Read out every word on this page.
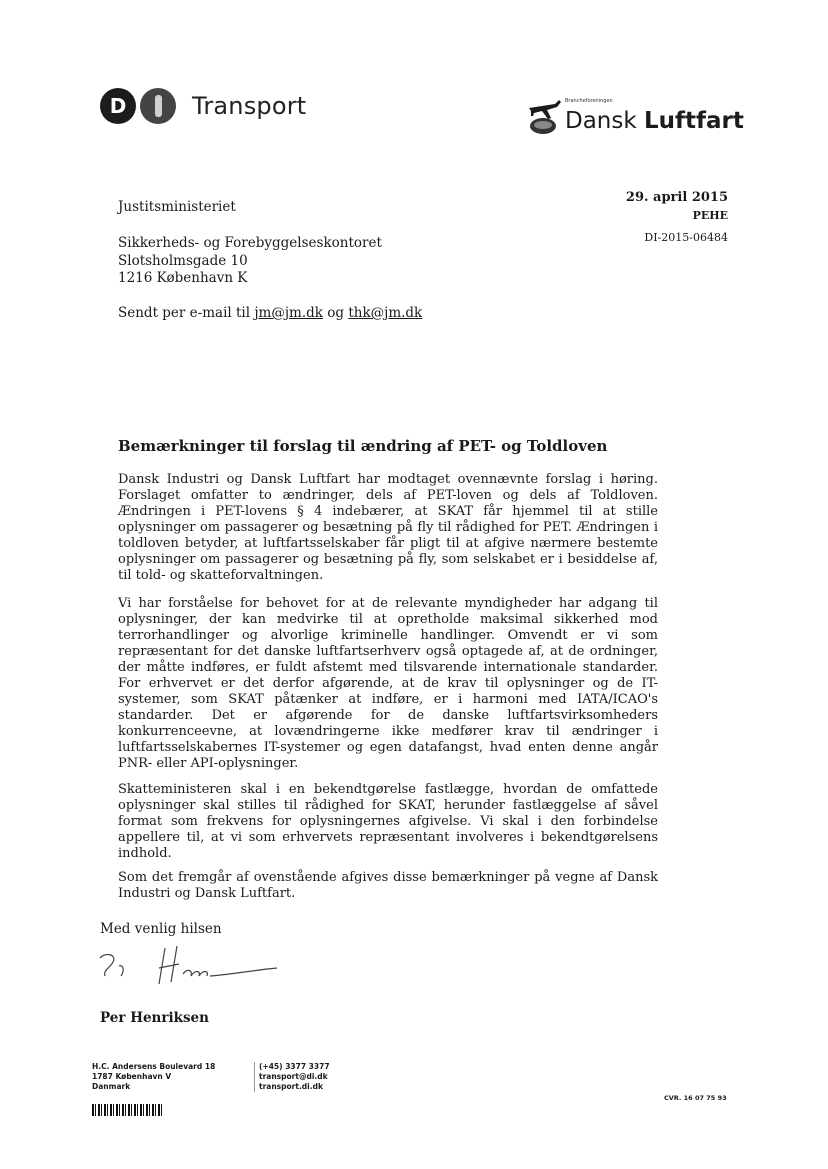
D	Transport	Brancheforeningen
Dansk Luftfart
Justitsministeriet
Sikkerheds- og Forebyggelseskontoret
Slotsholmsgade 10
1216 København K
29. april 2015
PEHE
DI-2015-06484
Sendt per e-mail til jm@jm.dk og thk@jm.dk
Bemærkninger til forslag til ændring af PET- og Toldloven

Dansk Industri og Dansk Luftfart har modtaget ovennævnte forslag i høring. Forslaget omfatter to ændringer, dels af PET-loven og dels af Toldloven. Ændringen i PET-lovens § 4 indebærer, at SKAT får hjemmel til at stille oplysninger om passagerer og besætning på fly til rådighed for PET. Ændringen i toldloven betyder, at luftfartsselskaber får pligt til at afgive nærmere bestemte oplysninger om passagerer og besætning på fly, som selskabet er i besiddelse af, til told- og skatteforvaltningen.

Vi har forståelse for behovet for at de relevante myndigheder har adgang til oplysninger, der kan medvirke til at opretholde maksimal sikkerhed mod terrorhandlinger og alvorlige kriminelle handlinger. Omvendt er vi som repræsentant for det danske luftfartserhverv også optagede af, at de ordninger, der måtte indføres, er fuldt afstemt med tilsvarende internationale standarder. For erhvervet er det derfor afgørende, at de krav til oplysninger og de IT-systemer, som SKAT påtænker at indføre, er i harmoni med IATA/ICAO's standarder. Det er afgørende for de danske luftfartsvirksomheders konkurrenceevne, at lovændringerne ikke medfører krav til ændringer i luftfartsselskabernes IT-systemer og egen datafangst, hvad enten denne angår PNR- eller API-oplysninger.

Skatteministeren skal i en bekendtgørelse fastlægge, hvordan de omfattede oplysninger skal stilles til rådighed for SKAT, herunder fastlæggelse af såvel format som frekvens for oplysningernes afgivelse. Vi skal i den forbindelse appellere til, at vi som erhvervets repræsentant involveres i bekendtgørelsens indhold.

Som det fremgår af ovenstående afgives disse bemærkninger på vegne af Dansk Industri og Dansk Luftfart.

Med venlig hilsen
Per Henriksen
H.C. Andersens Boulevard 18
1787 København V
Danmark
(+45) 3377 3377
transport@di.dk
transport.di.dk
CVR. 16 07 75 93
